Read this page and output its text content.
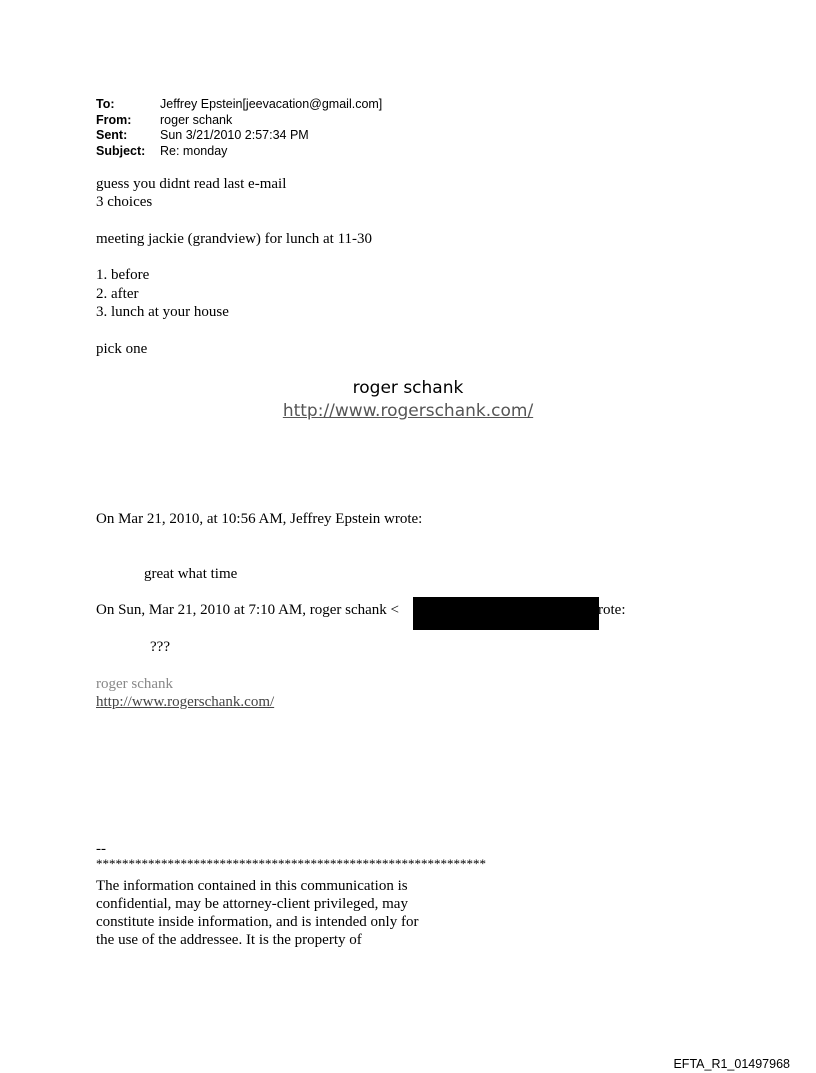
To:	Jeffrey Epstein[jeevacation@gmail.com]
From:	roger schank
Sent:	Sun 3/21/2010 2:57:34 PM
Subject:	Re: monday
guess you didnt read last e-mail
3 choices
meeting jackie (grandview) for lunch at 11-30
1. before
2. after
3. lunch at your house
pick one
roger schank
http://www.rogerschank.com/
On Mar 21, 2010, at 10:56 AM, Jeffrey Epstein wrote:
great what time
On Sun, Mar 21, 2010 at 7:10 AM, roger schank <	rote:
???
roger schank
http://www.rogerschank.com/
--
************************************************************
The information contained in this communication is
confidential, may be attorney-client privileged, may
constitute inside information, and is intended only for
the use of the addressee. It is the property of
EFTA_R1_01497968
